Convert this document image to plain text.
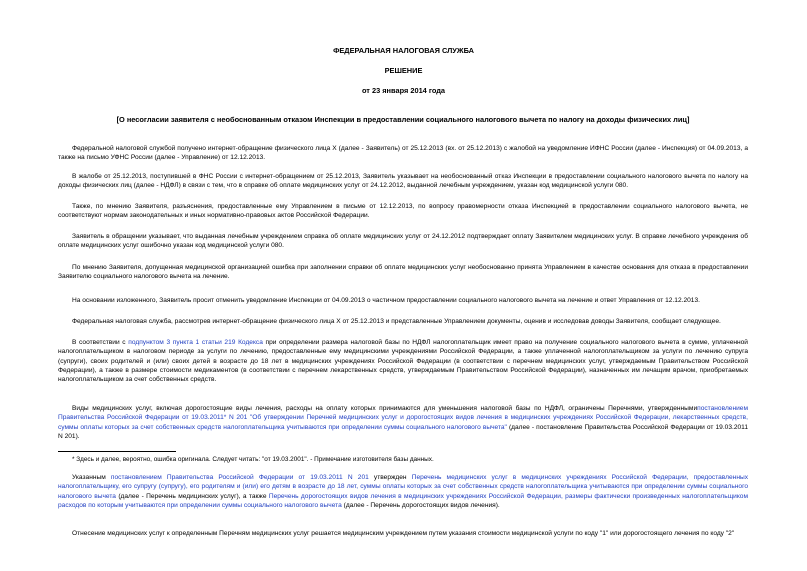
ФЕДЕРАЛЬНАЯ НАЛОГОВАЯ СЛУЖБА
РЕШЕНИЕ
от 23 января 2014 года
[О несогласии заявителя с необоснованным отказом Инспекции в предоставлении социального налогового вычета по налогу на доходы физических лиц]

Федеральной налоговой службой получено интернет-обращение физического лица Х (далее - Заявитель) от 25.12.2013 (вх. от 25.12.2013) с жалобой на уведомление ИФНС России (далее - Инспекция) от 04.09.2013, а также на письмо УФНС России (далее - Управление) от 12.12.2013.

В жалобе от 25.12.2013, поступившей в ФНС России с интернет-обращением от 25.12.2013, Заявитель указывает на необоснованный отказ Инспекции в предоставлении социального налогового вычета по налогу на доходы физических лиц (далее - НДФЛ) в связи с тем, что в справке об оплате медицинских услуг от 24.12.2012, выданной лечебным учреждением, указан код медицинской услуги 080.

Также, по мнению Заявителя, разъяснения, предоставленные ему Управлением в письме от 12.12.2013, по вопросу правомерности отказа Инспекцией в предоставлении социального налогового вычета, не соответствуют нормам законодательных и иных нормативно-правовых актов Российской Федерации.

Заявитель в обращении указывает, что выданная лечебным учреждением справка об оплате медицинских услуг от 24.12.2012 подтверждает оплату Заявителем медицинских услуг. В справке лечебного учреждения об оплате медицинских услуг ошибочно указан код медицинской услуги 080.

По мнению Заявителя, допущенная медицинской организацией ошибка при заполнении справки об оплате медицинских услуг необоснованно принята Управлением в качестве основания для отказа в предоставлении Заявителю социального налогового вычета на лечение.

На основании изложенного, Заявитель просит отменить уведомление Инспекции от 04.09.2013 о частичном предоставлении социального налогового вычета на лечение и ответ Управления от 12.12.2013.

Федеральная налоговая служба, рассмотрев интернет-обращение физического лица Х от 25.12.2013 и представленные Управлением документы, оценив и исследовав доводы Заявителя, сообщает следующее.

В соответствии с подпунктом 3 пункта 1 статьи 219 Кодекса при определении размера налоговой базы по НДФЛ налогоплательщик имеет право на получение социального налогового вычета в сумме, уплаченной налогоплательщиком в налоговом периоде за услуги по лечению, предоставленные ему медицинскими учреждениями Российской Федерации, а также уплаченной налогоплательщиком за услуги по лечению супруга (супруги), своих родителей и (или) своих детей в возрасте до 18 лет в медицинских учреждениях Российской Федерации (в соответствии с перечнем медицинских услуг, утверждаемым Правительством Российской Федерации), а также в размере стоимости медикаментов (в соответствии с перечнем лекарственных средств, утверждаемым Правительством Российской Федерации), назначенных им лечащим врачом, приобретаемых налогоплательщиком за счет собственных средств.

Виды медицинских услуг, включая дорогостоящие виды лечения, расходы на оплату которых принимаются для уменьшения налоговой базы по НДФЛ, ограничены Перечнями, утвержденнымипостановлением Правительства Российской Федерации от 19.03.2011* N 201 "Об утверждении Перечней медицинских услуг и дорогостоящих видов лечения в медицинских учреждениях Российской Федерации, лекарственных средств, суммы оплаты которых за счет собственных средств налогоплательщика учитываются при определении суммы социального налогового вычета" (далее - постановление Правительства Российской Федерации от 19.03.2011 N 201).

* Здесь и далее, вероятно, ошибка оригинала. Следует читать: "от 19.03.2001". - Примечание изготовителя базы данных.

Указанным постановлением Правительства Российской Федерации от 19.03.2011 N 201 утвержден Перечень медицинских услуг в медицинских учреждениях Российской Федерации, предоставленных налогоплательщику, его супругу (супругу), его родителям и (или) его детям в возрасте до 18 лет, суммы оплаты которых за счет собственных средств налогоплательщика учитываются при определении суммы социального налогового вычета (далее - Перечень медицинских услуг), а также Перечень дорогостоящих видов лечения в медицинских учреждениях Российской Федерации, размеры фактически произведенных налогоплательщиком расходов по которым учитываются при определении суммы социального налогового вычета (далее - Перечень дорогостоящих видов лечения).

Отнесение медицинских услуг к определенным Перечням медицинских услуг решается медицинским учреждением путем указания стоимости медицинской услуги по коду "1" или дорогостоящего лечения по коду "2"
